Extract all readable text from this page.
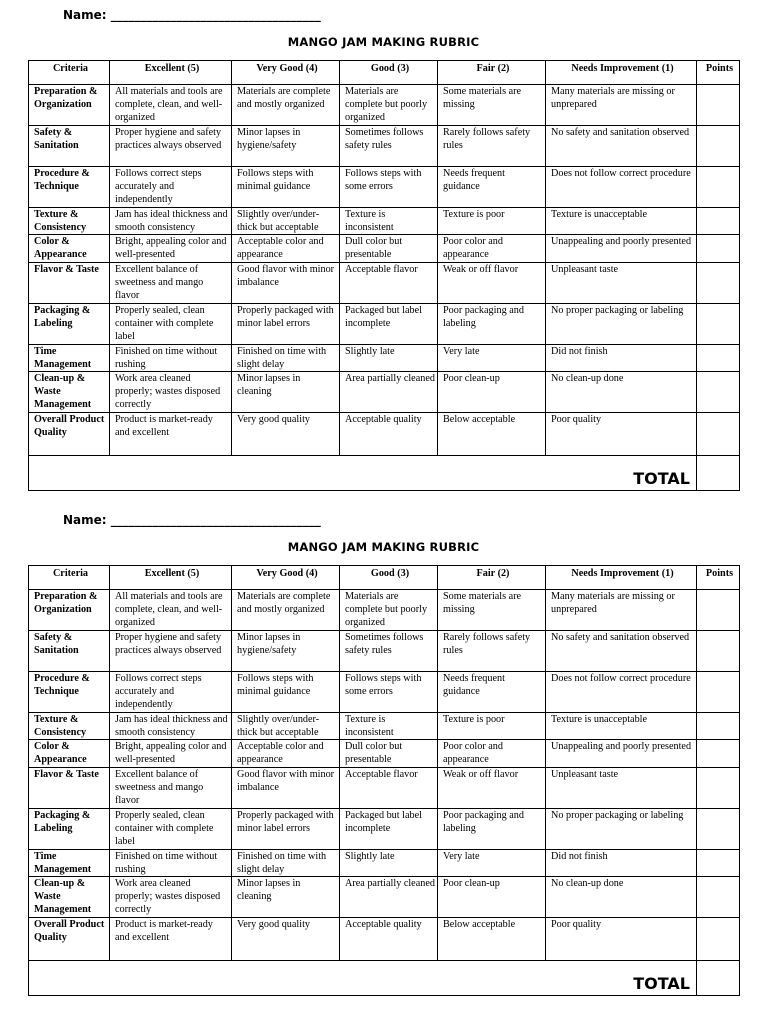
Name: ___________________________________
MANGO JAM MAKING RUBRIC
Criteria	Excellent (5)	Very Good (4)	Good (3)	Fair (2)	Needs Improvement (1)	Points
Preparation & Organization	All materials and tools are complete, clean, and well-organized	Materials are complete and mostly organized	Materials are complete but poorly organized	Some materials are missing	Many materials are missing or unprepared	
Safety & Sanitation	Proper hygiene and safety practices always observed	Minor lapses in hygiene/safety	Sometimes follows safety rules	Rarely follows safety rules	No safety and sanitation observed	
Procedure & Technique	Follows correct steps accurately and independently	Follows steps with minimal guidance	Follows steps with some errors	Needs frequent guidance	Does not follow correct procedure	
Texture & Consistency	Jam has ideal thickness and smooth consistency	Slightly over/under-thick but acceptable	Texture is inconsistent	Texture is poor	Texture is unacceptable	
Color & Appearance	Bright, appealing color and well-presented	Acceptable color and appearance	Dull color but presentable	Poor color and appearance	Unappealing and poorly presented	
Flavor & Taste	Excellent balance of sweetness and mango flavor	Good flavor with minor imbalance	Acceptable flavor	Weak or off flavor	Unpleasant taste	
Packaging & Labeling	Properly sealed, clean container with complete label	Properly packaged with minor label errors	Packaged but label incomplete	Poor packaging and labeling	No proper packaging or labeling	
Time Management	Finished on time without rushing	Finished on time with slight delay	Slightly late	Very late	Did not finish	
Clean-up & Waste Management	Work area cleaned properly; wastes disposed correctly	Minor lapses in cleaning	Area partially cleaned	Poor clean-up	No clean-up done	
Overall Product Quality	Product is market-ready and excellent	Very good quality	Acceptable quality	Below acceptable	Poor quality	
TOTAL						
Name: ___________________________________
MANGO JAM MAKING RUBRIC
Criteria	Excellent (5)	Very Good (4)	Good (3)	Fair (2)	Needs Improvement (1)	Points
Preparation & Organization	All materials and tools are complete, clean, and well-organized	Materials are complete and mostly organized	Materials are complete but poorly organized	Some materials are missing	Many materials are missing or unprepared	
Safety & Sanitation	Proper hygiene and safety practices always observed	Minor lapses in hygiene/safety	Sometimes follows safety rules	Rarely follows safety rules	No safety and sanitation observed	
Procedure & Technique	Follows correct steps accurately and independently	Follows steps with minimal guidance	Follows steps with some errors	Needs frequent guidance	Does not follow correct procedure	
Texture & Consistency	Jam has ideal thickness and smooth consistency	Slightly over/under-thick but acceptable	Texture is inconsistent	Texture is poor	Texture is unacceptable	
Color & Appearance	Bright, appealing color and well-presented	Acceptable color and appearance	Dull color but presentable	Poor color and appearance	Unappealing and poorly presented	
Flavor & Taste	Excellent balance of sweetness and mango flavor	Good flavor with minor imbalance	Acceptable flavor	Weak or off flavor	Unpleasant taste	
Packaging & Labeling	Properly sealed, clean container with complete label	Properly packaged with minor label errors	Packaged but label incomplete	Poor packaging and labeling	No proper packaging or labeling	
Time Management	Finished on time without rushing	Finished on time with slight delay	Slightly late	Very late	Did not finish	
Clean-up & Waste Management	Work area cleaned properly; wastes disposed correctly	Minor lapses in cleaning	Area partially cleaned	Poor clean-up	No clean-up done	
Overall Product Quality	Product is market-ready and excellent	Very good quality	Acceptable quality	Below acceptable	Poor quality	
TOTAL						
